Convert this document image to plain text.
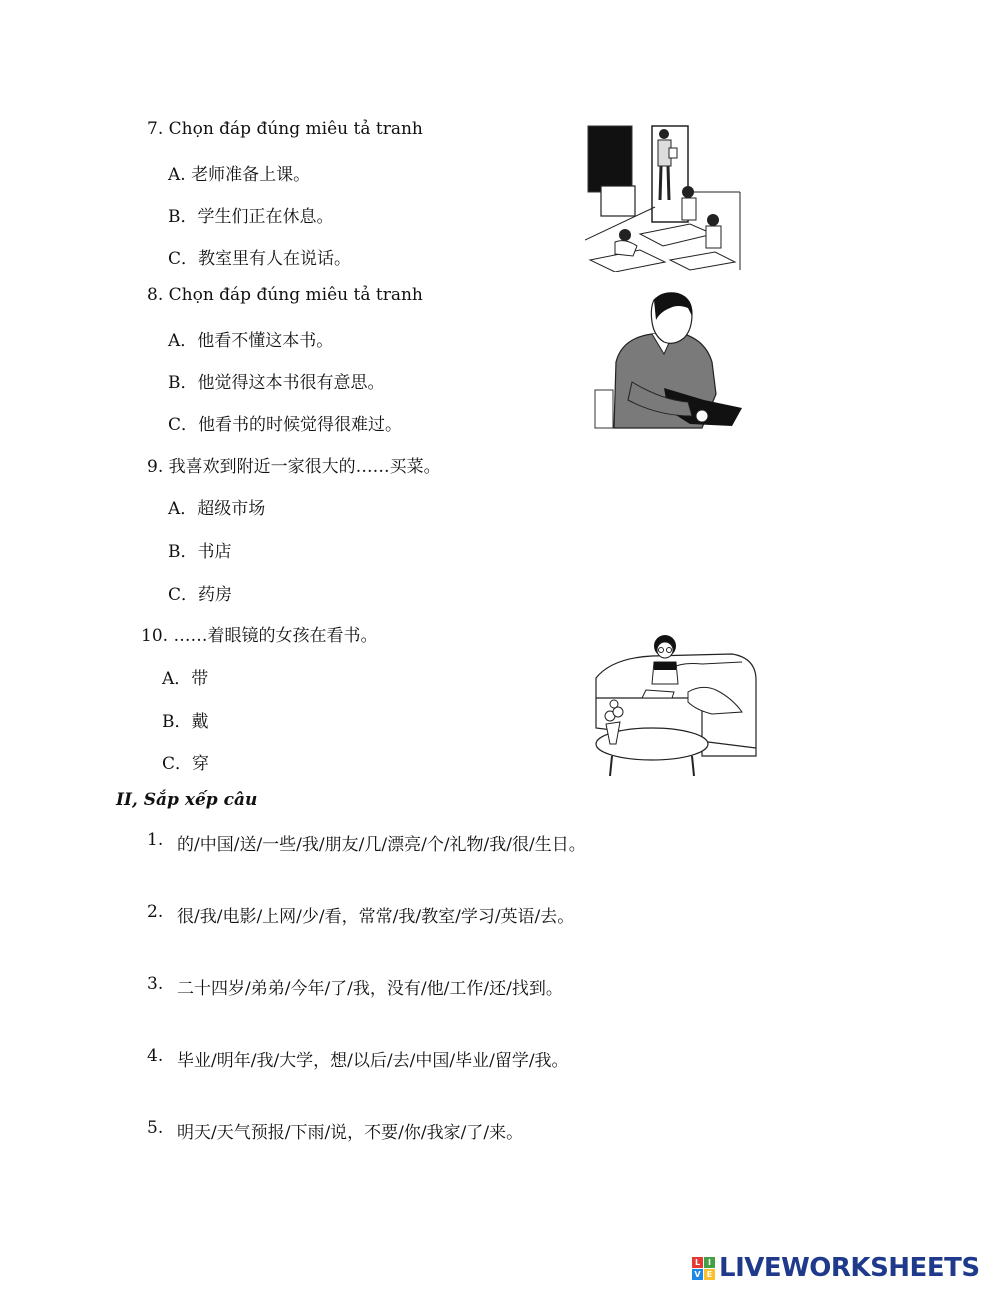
7. Chọn đáp đúng miêu tả tranh
A. 老师准备上课。
B．学生们正在休息。
C．教室里有人在说话。
8. Chọn đáp đúng miêu tả tranh
A．他看不懂这本书。
B．他觉得这本书很有意思。
C．他看书的时候觉得很难过。
9. 我喜欢到附近一家很大的……买菜。
A．超级市场
B．书店
C．药房
10. ……着眼镜的女孩在看书。
A．带
B．戴
C．穿
II, Sắp xếp câu
1. 的/中国/送/一些/我/朋友/几/漂亮/个/礼物/我/很/生日。
2. 很/我/电影/上网/少/看，常常/我/教室/学习/英语/去。
3. 二十四岁/弟弟/今年/了/我，没有/他/工作/还/找到。
4. 毕业/明年/我/大学，想/以后/去/中国/毕业/留学/我。
5. 明天/天气预报/下雨/说，不要/你/我家/了/来。
L I
V E LIVEWORKSHEETS
